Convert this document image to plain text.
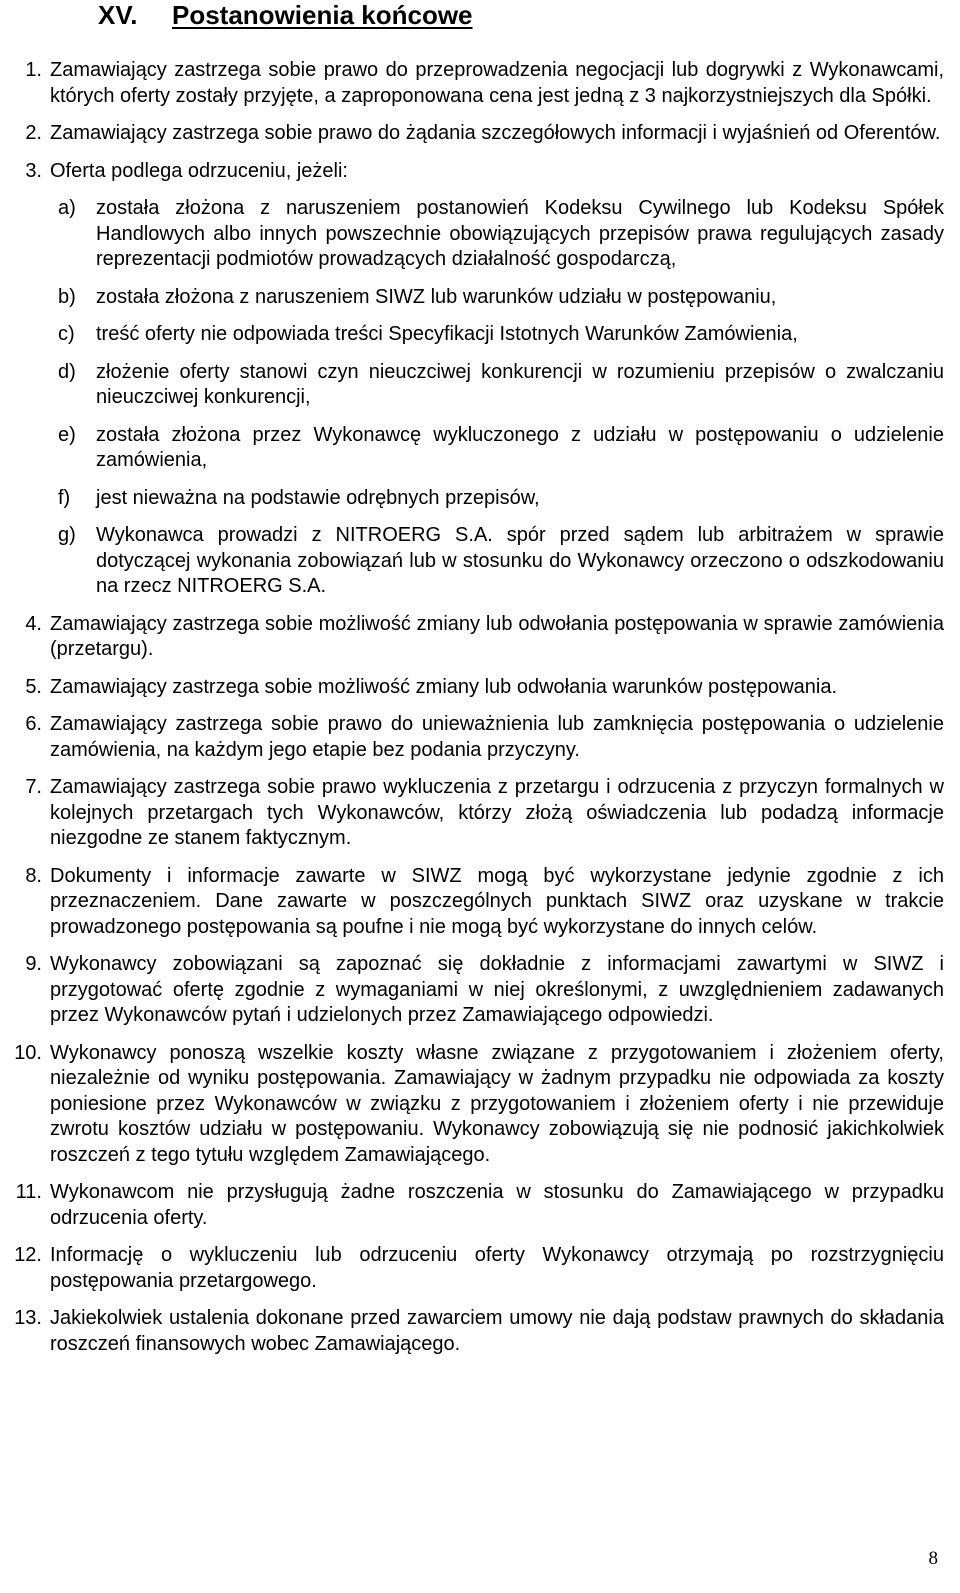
XV. Postanowienia końcowe
1. Zamawiający zastrzega sobie prawo do przeprowadzenia negocjacji lub dogrywki z Wykonawcami, których oferty zostały przyjęte, a zaproponowana cena jest jedną z 3 najkorzystniejszych dla Spółki.
2. Zamawiający zastrzega sobie prawo do żądania szczegółowych informacji i wyjaśnień od Oferentów.
3. Oferta podlega odrzuceniu, jeżeli:
a)	została złożona z naruszeniem postanowień Kodeksu Cywilnego lub Kodeksu Spółek Handlowych albo innych powszechnie obowiązujących przepisów prawa regulujących zasady reprezentacji podmiotów prowadzących działalność gospodarczą,
b)	została złożona z naruszeniem SIWZ lub warunków udziału w postępowaniu,
c)	treść oferty nie odpowiada treści Specyfikacji Istotnych Warunków Zamówienia,
d)	złożenie oferty stanowi czyn nieuczciwej konkurencji w rozumieniu przepisów o zwalczaniu nieuczciwej konkurencji,
e)	została złożona przez Wykonawcę wykluczonego z udziału w postępowaniu o udzielenie zamówienia,
f)	jest nieważna na podstawie odrębnych przepisów,
g)	Wykonawca prowadzi z NITROERG S.A. spór przed sądem lub arbitrażem w sprawie dotyczącej wykonania zobowiązań lub w stosunku do Wykonawcy orzeczono o odszkodowaniu na rzecz NITROERG S.A.
4. Zamawiający zastrzega sobie możliwość zmiany lub odwołania postępowania w sprawie zamówienia (przetargu).
5. Zamawiający zastrzega sobie możliwość zmiany lub odwołania warunków postępowania.
6. Zamawiający zastrzega sobie prawo do unieważnienia lub zamknięcia postępowania o udzielenie zamówienia, na każdym jego etapie bez podania przyczyny.
7. Zamawiający zastrzega sobie prawo wykluczenia z przetargu i odrzucenia z przyczyn formalnych w kolejnych przetargach tych Wykonawców, którzy złożą oświadczenia lub podadzą informacje niezgodne ze stanem faktycznym.
8. Dokumenty i informacje zawarte w SIWZ mogą być wykorzystane jedynie zgodnie z ich przeznaczeniem. Dane zawarte w poszczególnych punktach SIWZ oraz uzyskane w trakcie prowadzonego postępowania są poufne i nie mogą być wykorzystane do innych celów.
9. Wykonawcy zobowiązani są zapoznać się dokładnie z informacjami zawartymi w SIWZ i przygotować ofertę zgodnie z wymaganiami w niej określonymi, z uwzględnieniem zadawanych przez Wykonawców pytań i udzielonych przez Zamawiającego odpowiedzi.
10. Wykonawcy ponoszą wszelkie koszty własne związane z przygotowaniem i złożeniem oferty, niezależnie od wyniku postępowania. Zamawiający w żadnym przypadku nie odpowiada za koszty poniesione przez Wykonawców w związku z przygotowaniem i złożeniem oferty i nie przewiduje zwrotu kosztów udziału w postępowaniu. Wykonawcy zobowiązują się nie podnosić jakichkolwiek roszczeń z tego tytułu względem Zamawiającego.
11. Wykonawcom nie przysługują żadne roszczenia w stosunku do Zamawiającego w przypadku odrzucenia oferty.
12. Informację o wykluczeniu lub odrzuceniu oferty Wykonawcy otrzymają po rozstrzygnięciu postępowania przetargowego.
13. Jakiekolwiek ustalenia dokonane przed zawarciem umowy nie dają podstaw prawnych do składania roszczeń finansowych wobec Zamawiającego.
8
